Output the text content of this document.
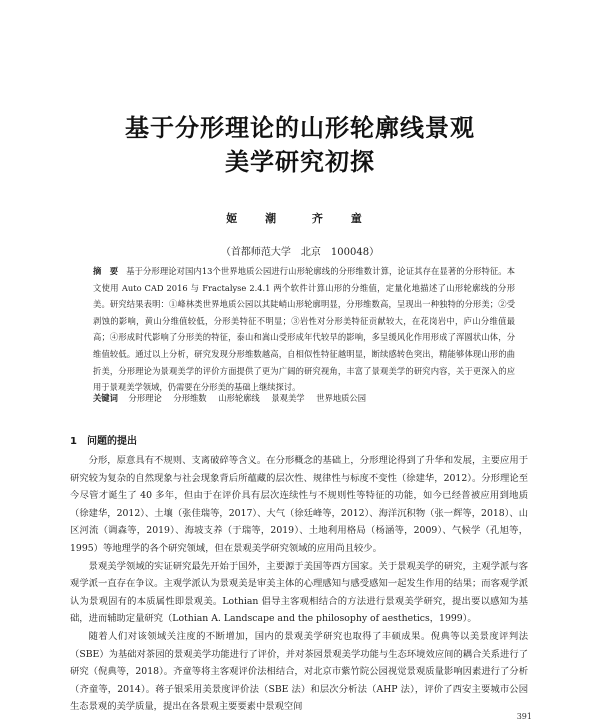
基于分形理论的山形轮廓线景观
美学研究初探
姬 潮 齐 童
（首都师范大学　北京　100048）
摘　要 基于分形理论对国内13个世界地质公园进行山形轮廓线的分形维数计算，论证其存在显著的分形特征。本文使用 Auto CAD 2016 与 Fractalyse 2.4.1 两个软件计算山形的分维值，定量化地描述了山形轮廓线的分形美。研究结果表明：①峰林类世界地质公园以其陡峭山形轮廓明显，分形维数高，呈现出一种独特的分形美；②受剥蚀的影响，黄山分维值较低，分形美特征不明显；③岩性对分形美特征贡献较大，在花岗岩中，庐山分维值最高；④形成时代影响了分形美的特征，泰山和嵩山受形成年代较早的影响，多呈缓风化作用形成了浑圆状山体，分维值较低。通过以上分析，研究发现分形维数越高，自相似性特征越明显，断续感转色突出，精能够体现山形的曲折美，分形理论为景观美学的评价方面提供了更为广阔的研究视角，丰富了景观美学的研究内容，关于更深入的应用于景观美学领域，仍需要在分形美的基础上继续探讨。
关键词 分形理论 分形维数 山形轮廓线 景观美学 世界地质公园
1 问题的提出

分形，原意具有不规则、支离破碎等含义。在分形概念的基础上，分形理论得到了升华和发展，主要应用于研究较为复杂的自然现象与社会现象背后所蕴藏的层次性、规律性与标度不变性（徐建华，2012）。分形理论至今尽管才诞生了 40 多年，但由于在评价具有层次连续性与不规则性等特征的功能，如今已经普被应用到地质（徐建华，2012）、土壤（张佳瑞等，2017）、大气（徐廷峰等，2012）、海洋沉积物（张一辉等，2018）、山区河流（调森等，2019）、海坡支养（于瑞等，2019）、土地利用格局（杨涵等，2009）、气候学（孔旭等，1995）等地理学的各个研究领域，但在景观美学研究领域的应用尚且较少。

景观美学领域的实证研究最先开始于国外，主要源于美国等西方国家。关于景观美学的研究，主观学派与客观学派一直存在争议。主观学派认为景观美是审美主体的心理感知与感受感知一起发生作用的结果；而客观学派认为景观固有的本质属性即景观美。Lothian 倡导主客观相结合的方法进行景观美学研究，提出要以感知为基础，进而辅助定量研究（Lothian A. Landscape and the philosophy of aesthetics，1999）。

随着人们对该领域关注度的不断增加，国内的景观美学研究也取得了丰硕成果。倪典等以美景度评判法（SBE）为基础对茶园的景观美学功能进行了评价，并对茶园景观美学功能与生态环境效应间的耦合关系进行了研究（倪典等，2018）。齐童等将主客观评价法相结合，对北京市紫竹院公园视觉景观质量影响因素进行了分析（齐童等，2014）。蒋子银采用美景度评价法（SBE 法）和层次分析法（AHP 法），评价了西安主要城市公园生态景观的美学质量，提出在各景观主要要素中景观空间

391
